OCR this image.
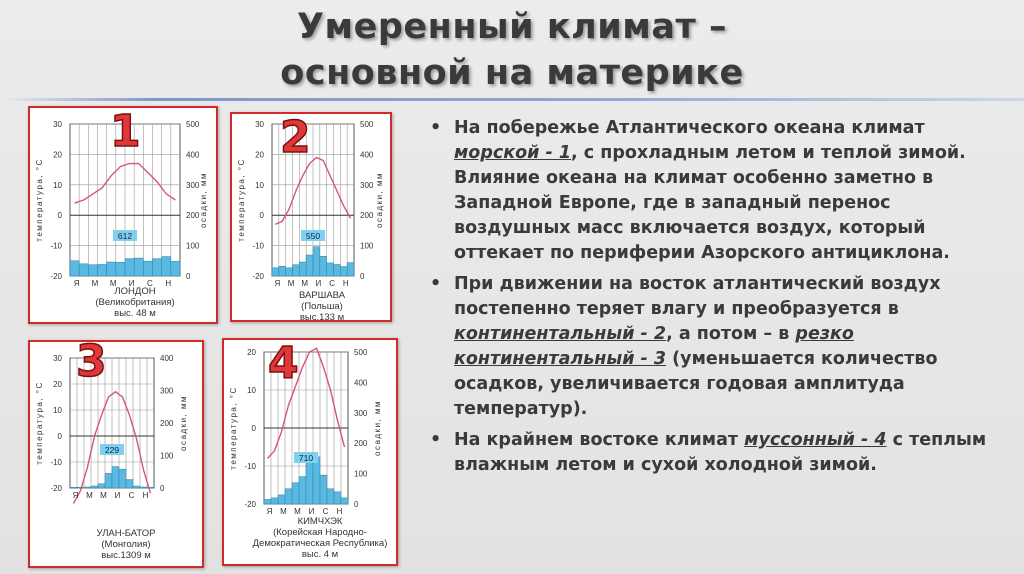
Умеренный климат –
основной на материке
30
20
10
0
-10
-20
500
400
300
200
100
0
612
Я М М И С Н
температура, °С	осадки, мм
1
ЛОНДОН
(Великобритания)
выс. 48 м
30
20
10
0
-10
-20
500
400
300
200
100
0
550
Я М М И С Н
температура, °С	осадки, мм
2
ВАРШАВА
(Польша)
выс.133 м
30
20
10
0
-10
-20
400
300
200
100
0
229
Я М М И С Н
температура, °С	осадки, мм
3
УЛАН-БАТОР
(Монголия)
выс.1309 м
20
10
0
-10
-20
500
400
300
200
100
0
710
Я М М И С Н
температура, °С	осадки, мм
4
КИМЧХЭК
(Корейская Народно-
Демократическая Республика)
выс. 4 м
• На побережье Атлантического океана климат морской - 1, с прохладным летом и теплой зимой. Влияние океана на климат особенно заметно в Западной Европе, где в западный перенос воздушных масс включается воздух, который оттекает по периферии Азорского антициклона.
• При движении на восток атлантический воздух постепенно теряет влагу и преобразуется в континентальный - 2, а потом – в резко континентальный - 3 (уменьшается количество осадков, увеличивается годовая амплитуда температур).
• На крайнем востоке климат муссонный - 4 с теплым влажным летом и сухой холодной зимой.
